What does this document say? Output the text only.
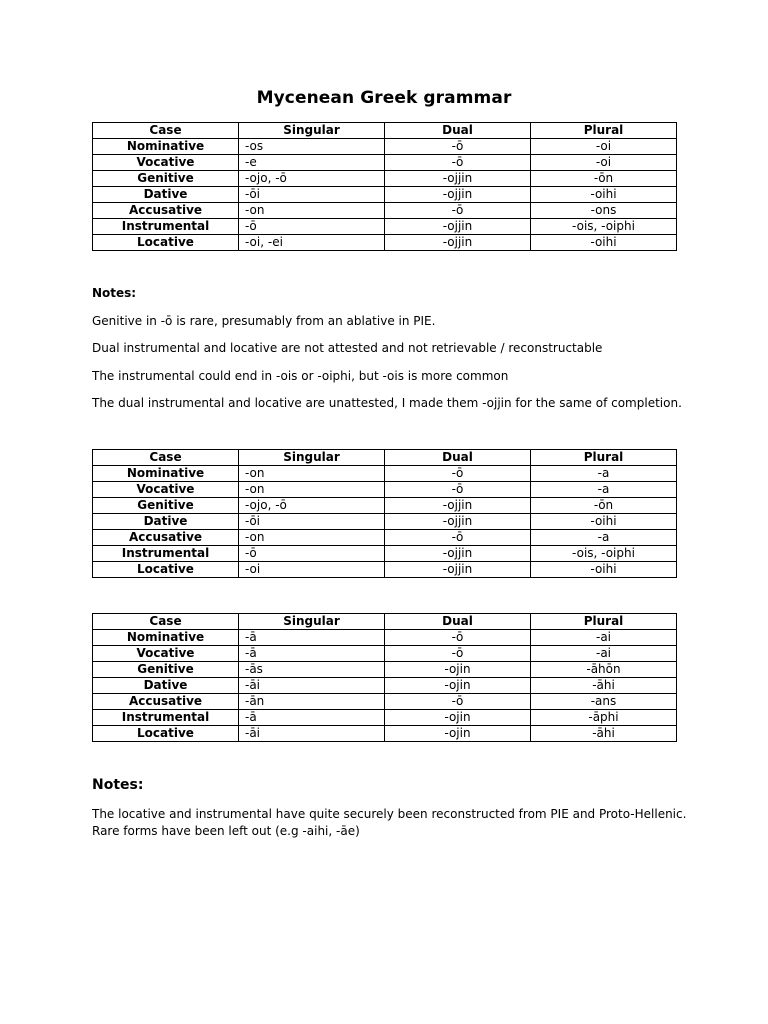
Mycenean Greek grammar
Case	Singular	Dual	Plural
Nominative	-os	-ō	-oi
Vocative	-e	-ō	-oi
Genitive	-ojo, -ō	-ojjin	-ōn
Dative	-ōi	-ojjin	-oihi
Accusative	-on	-ō	-ons
Instrumental	-ō	-ojjin	-ois, -oiphi
Locative	-oi, -ei	-ojjin	-oihi
Notes:
Genitive in -ō is rare, presumably from an ablative in PIE.
Dual instrumental and locative are not attested and not retrievable / reconstructable
The instrumental could end in -ois or -oiphi, but -ois is more common
The dual instrumental and locative are unattested, I made them -ojjin for the same of completion.
Case	Singular	Dual	Plural
Nominative	-on	-ō	-a
Vocative	-on	-ō	-a
Genitive	-ojo, -ō	-ojjin	-ōn
Dative	-ōi	-ojjin	-oihi
Accusative	-on	-ō	-a
Instrumental	-ō	-ojjin	-ois, -oiphi
Locative	-oi	-ojjin	-oihi
Case	Singular	Dual	Plural
Nominative	-ā	-ō	-ai
Vocative	-ā	-ō	-ai
Genitive	-ās	-ojin	-āhōn
Dative	-āi	-ojin	-āhi
Accusative	-ān	-ō	-ans
Instrumental	-ā	-ojin	-āphi
Locative	-āi	-ojin	-āhi
Notes:
The locative and instrumental have quite securely been reconstructed from PIE and Proto-Hellenic.
Rare forms have been left out (e.g -aihi, -āe)
